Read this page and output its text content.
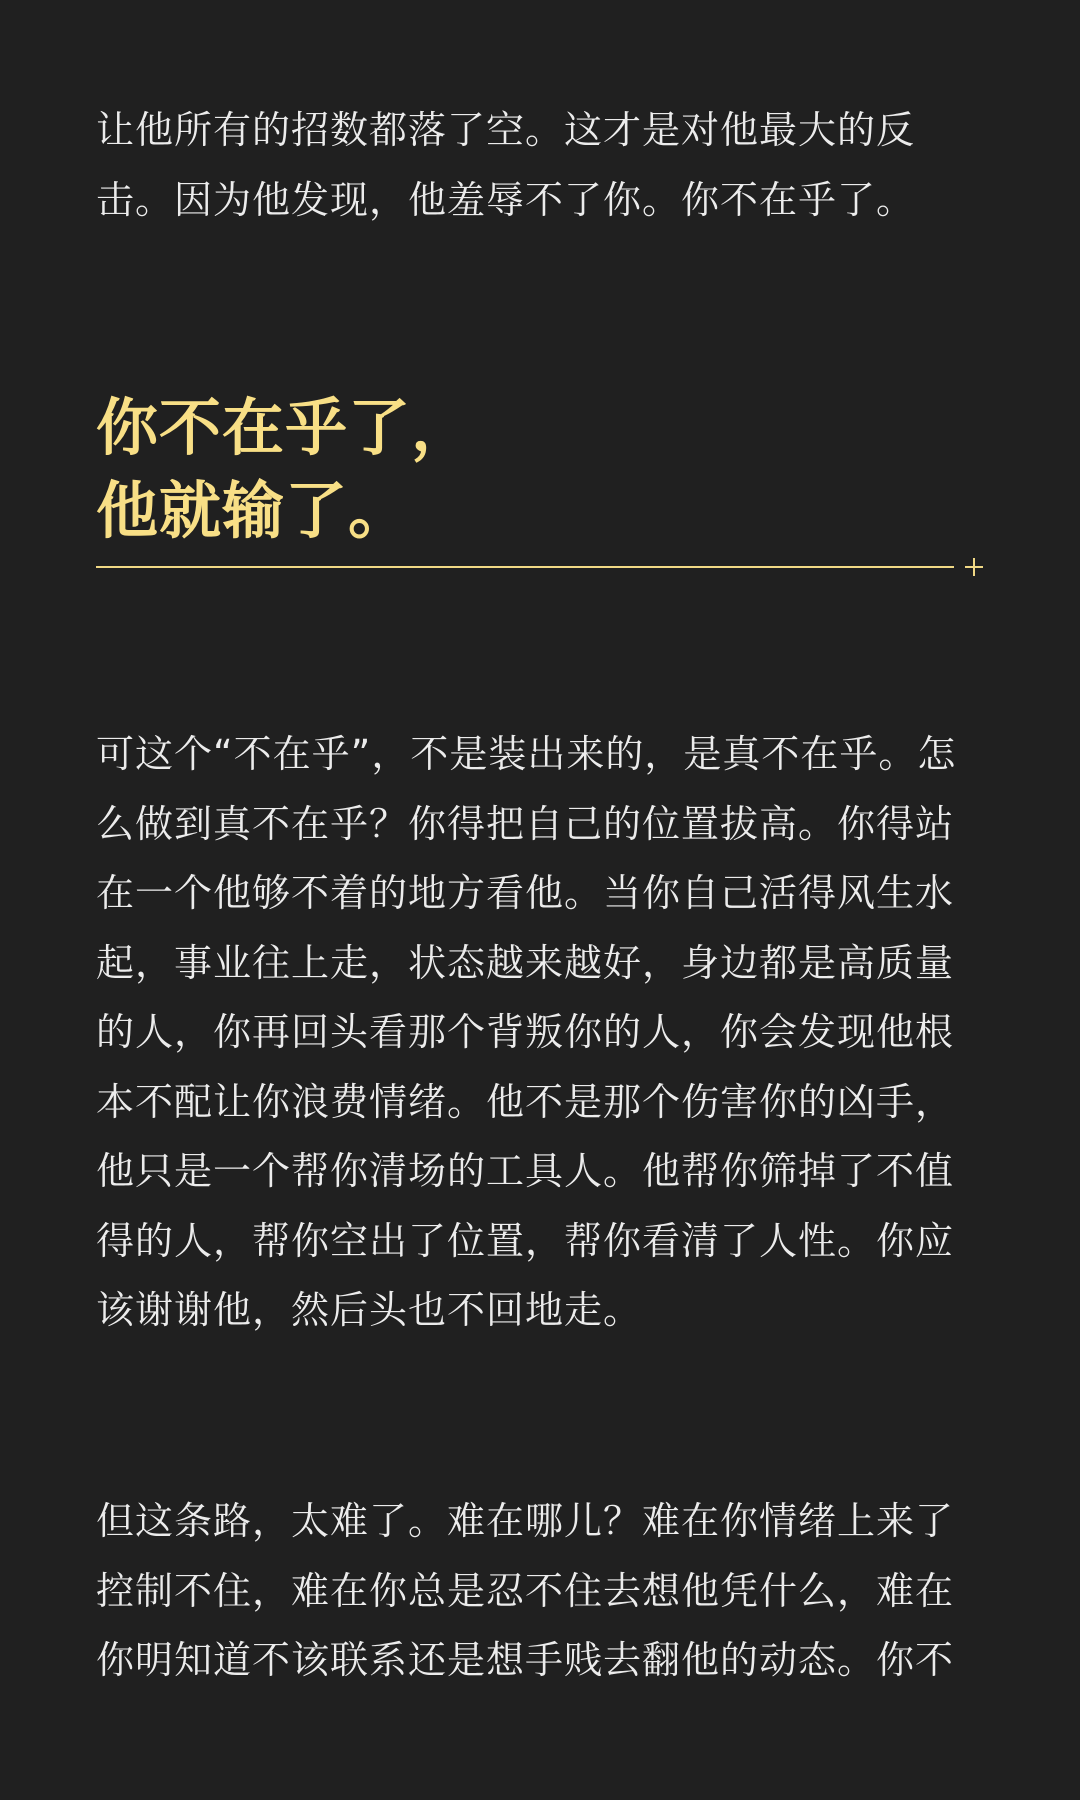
让他所有的招数都落了空。这才是对他最大的反击。因为他发现，他羞辱不了你。你不在乎了。

你不在乎了，
他就输了。

可这个“不在乎”，不是装出来的，是真不在乎。怎么做到真不在乎？你得把自己的位置拔高。你得站在一个他够不着的地方看他。当你自己活得风生水起，事业往上走，状态越来越好，身边都是高质量的人，你再回头看那个背叛你的人，你会发现他根本不配让你浪费情绪。他不是那个伤害你的凶手，他只是一个帮你清场的工具人。他帮你筛掉了不值得的人，帮你空出了位置，帮你看清了人性。你应该谢谢他，然后头也不回地走。

但这条路，太难了。难在哪儿？难在你情绪上来了控制不住，难在你总是忍不住去想他凭什么，难在你明知道不该联系还是想手贱去翻他的动态。你不
